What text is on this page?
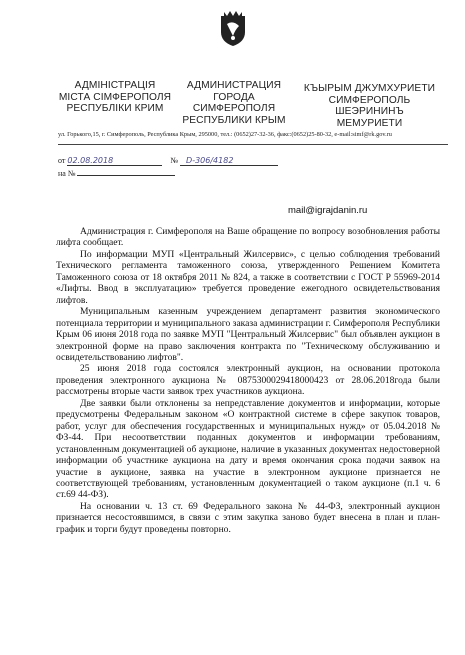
АДМІНІСТРАЦІЯ
МІСТА СІМФЕРОПОЛЯ
РЕСПУБЛІКИ КРИМ
АДМИНИСТРАЦИЯ
ГОРОДА СИМФЕРОПОЛЯ
РЕСПУБЛИКИ КРЫМ
КЪЫРЫМ ДЖУМХУРИЕТИ
СИМФЕРОПОЛЬ
ШЕЭРИНИНЪ
МЕМУРИЕТИ
ул. Горького,15, г. Симферополь, Республика Крым, 295000, тел.: (0652)27-32-36, факс:(0652)25-80-32, e-mail:simf@rk.gov.ru
от 02.08.2018	№ D-306/4182
на №
mail@igrajdanin.ru

Администрация г. Симферополя на Ваше обращение по вопросу возобновления работы лифта сообщает.

По информации МУП «Центральный Жилсервис», с целью соблюдения требований Технического регламента таможенного союза, утвержденного Решением Комитета Таможенного союза от 18 октября 2011 № 824, а также в соответствии с ГОСТ Р 55969-2014 «Лифты. Ввод в эксплуатацию» требуется проведение ежегодного освидетельствования лифтов.

Муниципальным казенным учреждением департамент развития экономического потенциала территории и муниципального заказа администрации г. Симферополя Республики Крым 06 июня 2018 года по заявке МУП "Центральный Жилсервис" был объявлен аукцион в электронной форме на право заключения контракта по "Техническому обслуживанию и освидетельствованию лифтов".

25 июня 2018 года состоялся электронный аукцион, на основании протокола проведения электронного аукциона № 0875300029418000423 от 28.06.2018года были рассмотрены вторые части заявок трех участников аукциона.

Две заявки были отклонены за непредставление документов и информации, которые предусмотрены Федеральным законом «О контрактной системе в сфере закупок товаров, работ, услуг для обеспечения государственных и муниципальных нужд» от 05.04.2018 № ФЗ-44. При несоответствии поданных документов и информации требованиям, установленным документацией об аукционе, наличие в указанных документах недостоверной информации об участнике аукциона на дату и время окончания срока подачи заявок на участие в аукционе, заявка на участие в электронном аукционе признается не соответствующей требованиям, установленным документацией о таком аукционе (п.1 ч. 6 ст.69 44-ФЗ).

На основании ч. 13 ст. 69 Федерального закона № 44-ФЗ, электронный аукцион признается несостоявшимся, в связи с этим закупка заново будет внесена в план и план-график и торги будут проведены повторно.
